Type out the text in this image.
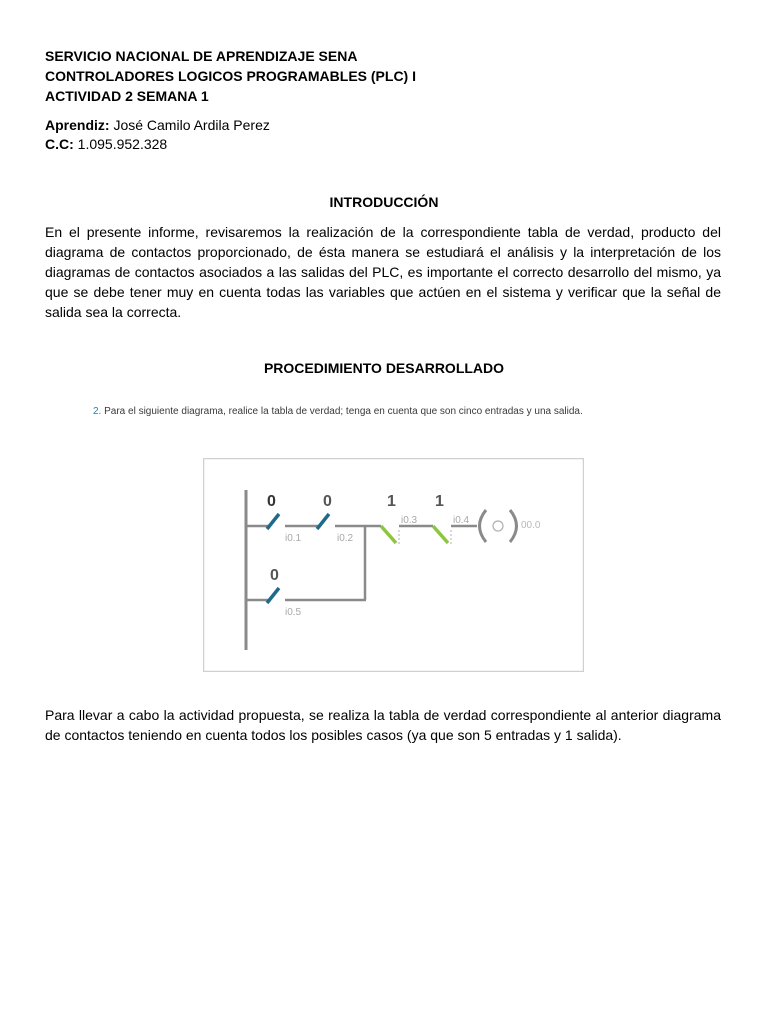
SERVICIO NACIONAL DE APRENDIZAJE SENA
CONTROLADORES LOGICOS PROGRAMABLES (PLC) I
ACTIVIDAD 2 SEMANA 1
Aprendiz: José Camilo Ardila Perez
C.C: 1.095.952.328
INTRODUCCIÓN
En el presente informe, revisaremos la realización de la correspondiente tabla de verdad, producto del diagrama de contactos proporcionado, de ésta manera se estudiará el análisis y la interpretación de los diagramas de contactos asociados a las salidas del PLC, es importante el correcto desarrollo del mismo, ya que se debe tener muy en cuenta todas las variables que actúen en el sistema y verificar que la señal de salida sea la correcta.
PROCEDIMIENTO DESARROLLADO
2. Para el siguiente diagrama, realice la tabla de verdad; tenga en cuenta que son cinco entradas y una salida.
0
i0.1
0
i0.2
1
i0.3
1
i0.4
0
i0.5
00.0
Para llevar a cabo la actividad propuesta, se realiza la tabla de verdad correspondiente al anterior diagrama de contactos teniendo en cuenta todos los posibles casos (ya que son 5 entradas y 1 salida).
